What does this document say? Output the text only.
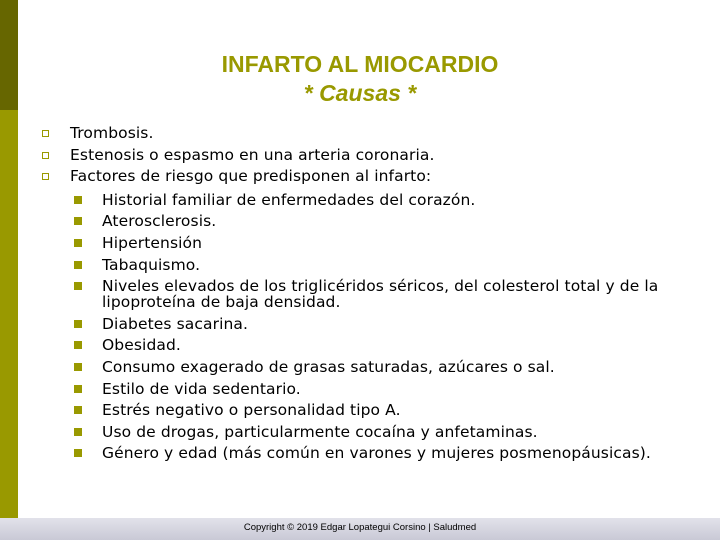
INFARTO AL MIOCARDIO
* Causas *
Trombosis.
Estenosis o espasmo en una arteria coronaria.
Factores de riesgo que predisponen al infarto:
Historial familiar de enfermedades del corazón.
Aterosclerosis.
Hipertensión
Tabaquismo.
Niveles elevados de los triglicéridos séricos, del colesterol total y de la lipoproteína de baja densidad.
Diabetes sacarina.
Obesidad.
Consumo exagerado de grasas saturadas, azúcares o sal.
Estilo de vida sedentario.
Estrés negativo o personalidad tipo A.
Uso de drogas, particularmente cocaína y anfetaminas.
Género y edad (más común en varones y mujeres posmenopáusicas).
Copyright © 2019 Edgar Lopategui Corsino | Saludmed
